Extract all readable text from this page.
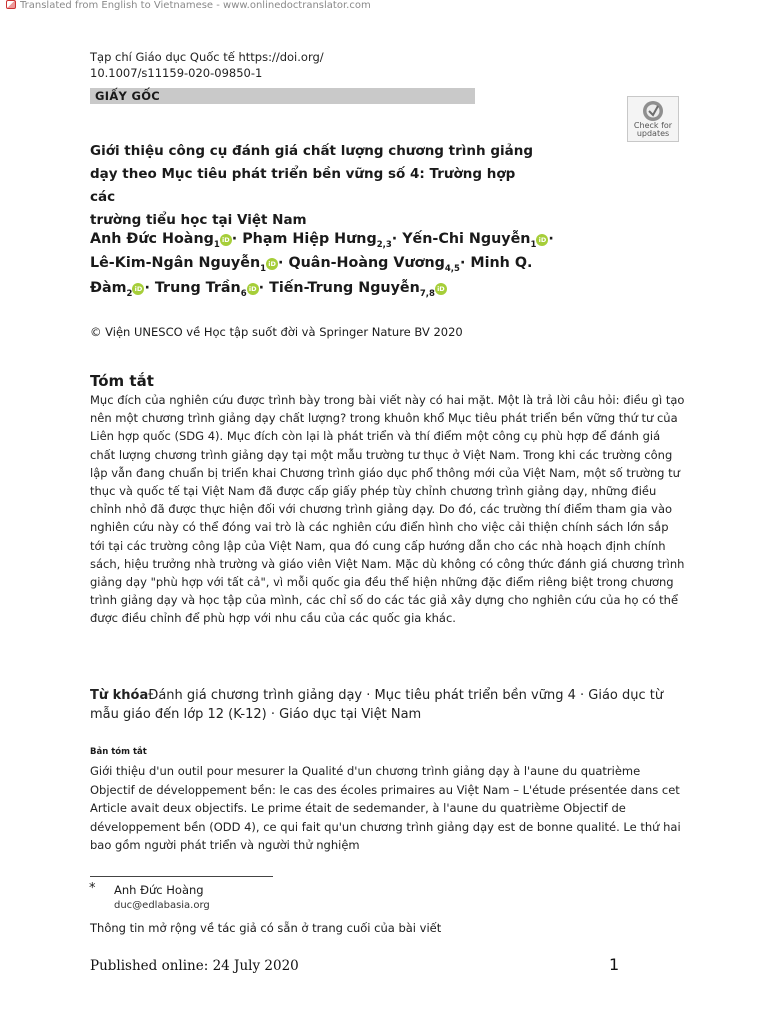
Translated from English to Vietnamese - www.onlinedoctranslator.com
Tạp chí Giáo dục Quốc tế https://doi.org/
10.1007/s11159-020-09850-1
GIẤY GỐC
Check for
updates
Giới thiệu công cụ đánh giá chất lượng chương trình giảng
dạy theo Mục tiêu phát triển bền vững số 4: Trường hợp các
trường tiểu học tại Việt Nam
Anh Đức Hoàng$_1$ iD · Phạm Hiệp Hưng$_{2,3}$· Yến-Chi Nguyễn$_1$ iD · Lê-Kim-Ngân Nguyễn$_1$ iD · Quân-Hoàng Vương$_{4,5}$· Minh Q. Đàm$_2$ iD · Trung Trần$_6$ iD · Tiến-Trung Nguyễn$_{7,8}$ iD
© Viện UNESCO về Học tập suốt đời và Springer Nature BV 2020
Tóm tắt
Mục đích của nghiên cứu được trình bày trong bài viết này có hai mặt. Một là trả lời câu hỏi: điều gì tạo nên một chương trình giảng dạy chất lượng? trong khuôn khổ Mục tiêu phát triển bền vững thứ tư của Liên hợp quốc (SDG 4). Mục đích còn lại là phát triển và thí điểm một công cụ phù hợp để đánh giá chất lượng chương trình giảng dạy tại một mẫu trường tư thục ở Việt Nam. Trong khi các trường công lập vẫn đang chuẩn bị triển khai Chương trình giáo dục phổ thông mới của Việt Nam, một số trường tư thục và quốc tế tại Việt Nam đã được cấp giấy phép tùy chỉnh chương trình giảng dạy, những điều chỉnh nhỏ đã được thực hiện đối với chương trình giảng dạy. Do đó, các trường thí điểm tham gia vào nghiên cứu này có thể đóng vai trò là các nghiên cứu điển hình cho việc cải thiện chính sách lớn sắp tới tại các trường công lập của Việt Nam, qua đó cung cấp hướng dẫn cho các nhà hoạch định chính sách, hiệu trưởng nhà trường và giáo viên Việt Nam. Mặc dù không có công thức đánh giá chương trình giảng dạy "phù hợp với tất cả", vì mỗi quốc gia đều thể hiện những đặc điểm riêng biệt trong chương trình giảng dạy và học tập của mình, các chỉ số do các tác giả xây dựng cho nghiên cứu của họ có thể được điều chỉnh để phù hợp với nhu cầu của các quốc gia khác.
Từ khóaĐánh giá chương trình giảng dạy · Mục tiêu phát triển bền vững 4 · Giáo dục từ mẫu giáo đến lớp 12 (K-12) · Giáo dục tại Việt Nam
Bản tóm tắt
Giới thiệu d'un outil pour mesurer la Qualité d'un chương trình giảng dạy à l'aune du quatrième Objectif de développement bền: le cas des écoles primaires au Việt Nam – L'étude présentée dans cet Article avait deux objectifs. Le prime était de sedemander, à l'aune du quatrième Objectif de développement bền (ODD 4), ce qui fait qu'un chương trình giảng dạy est de bonne qualité. Le thứ hai bao gồm người phát triển và người thử nghiệm
* Anh Đức Hoàng
duc@edlabasia.org
Thông tin mở rộng về tác giả có sẵn ở trang cuối của bài viết
Published online: 24 July 2020	1
